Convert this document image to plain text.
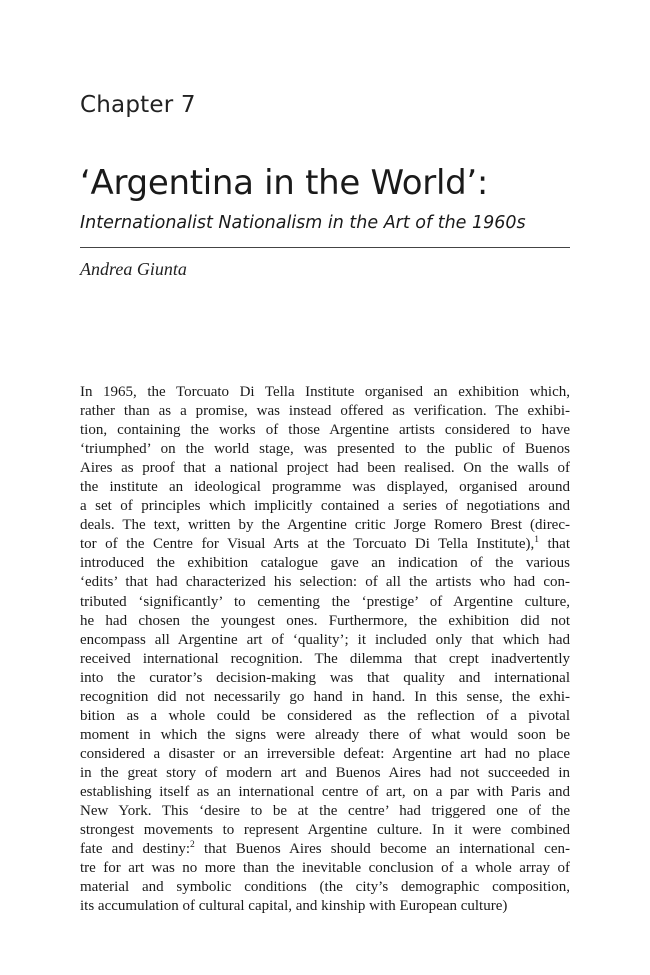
Chapter 7
‘Argentina in the World’:
Internationalist Nationalism in the Art of the 1960s
Andrea Giunta
In 1965, the Torcuato Di Tella Institute organised an exhibition which,
rather than as a promise, was instead offered as verification. The exhibi-
tion, containing the works of those Argentine artists considered to have
‘triumphed’ on the world stage, was presented to the public of Buenos
Aires as proof that a national project had been realised. On the walls of
the institute an ideological programme was displayed, organised around
a set of principles which implicitly contained a series of negotiations and
deals. The text, written by the Argentine critic Jorge Romero Brest (direc-
tor of the Centre for Visual Arts at the Torcuato Di Tella Institute),$^1$ that
introduced the exhibition catalogue gave an indication of the various
‘edits’ that had characterized his selection: of all the artists who had con-
tributed ‘significantly’ to cementing the ‘prestige’ of Argentine culture,
he had chosen the youngest ones. Furthermore, the exhibition did not
encompass all Argentine art of ‘quality’; it included only that which had
received international recognition. The dilemma that crept inadvertently
into the curator’s decision-making was that quality and international
recognition did not necessarily go hand in hand. In this sense, the exhi-
bition as a whole could be considered as the reflection of a pivotal
moment in which the signs were already there of what would soon be
considered a disaster or an irreversible defeat: Argentine art had no place
in the great story of modern art and Buenos Aires had not succeeded in
establishing itself as an international centre of art, on a par with Paris and
New York. This ‘desire to be at the centre’ had triggered one of the
strongest movements to represent Argentine culture. In it were combined
fate and destiny:$^2$ that Buenos Aires should become an international cen-
tre for art was no more than the inevitable conclusion of a whole array of
material and symbolic conditions (the city’s demographic composition,
its accumulation of cultural capital, and kinship with European culture)
